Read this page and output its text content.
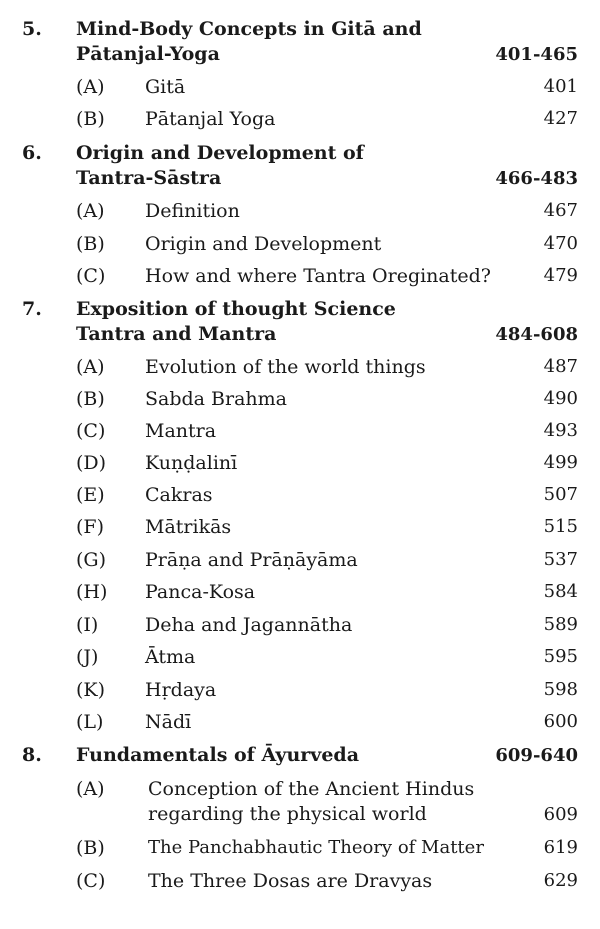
5. Mind-Body Concepts in Gitā and
Pātanjal-Yoga	401-465
(A) Gitā	401
(B) Pātanjal Yoga	427
6. Origin and Development of
Tantra-Sāstra	466-483
(A) Definition	467
(B) Origin and Development	470
(C) How and where Tantra Oreginated?	479
7. Exposition of thought Science
Tantra and Mantra	484-608
(A) Evolution of the world things	487
(B) Sabda Brahma	490
(C) Mantra	493
(D) Kuṇḍalinī	499
(E) Cakras	507
(F) Mātrikās	515
(G) Prāṇa and Prāṇāyāma	537
(H) Panca-Kosa	584
(I) Deha and Jagannātha	589
(J) Ātma	595
(K) Hṛdaya	598
(L) Nādī	600
8. Fundamentals of Āyurveda	609-640
(A) Conception of the Ancient Hindus
regarding the physical world	609
(B) The Panchabhautic Theory of Matter	619
(C) The Three Dosas are Dravyas	629
